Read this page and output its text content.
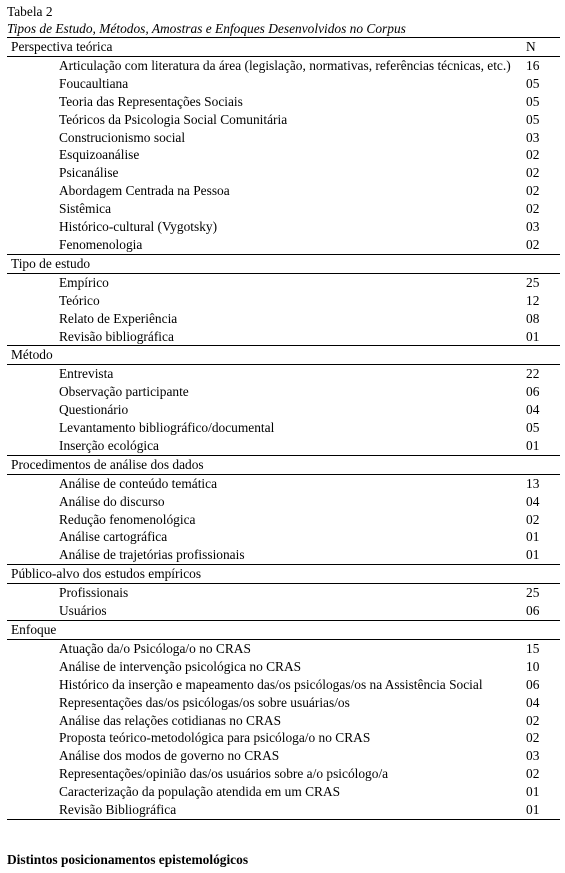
Tabela 2
Tipos de Estudo, Métodos, Amostras e Enfoques Desenvolvidos no Corpus
Perspectiva teórica	N
Articulação com literatura da área (legislação, normativas, referências técnicas, etc.)	16
Foucaultiana	05
Teoria das Representações Sociais	05
Teóricos da Psicologia Social Comunitária	05
Construcionismo social	03
Esquizoanálise	02
Psicanálise	02
Abordagem Centrada na Pessoa	02
Sistêmica	02
Histórico-cultural (Vygotsky)	03
Fenomenologia	02
Tipo de estudo	
Empírico	25
Teórico	12
Relato de Experiência	08
Revisão bibliográfica	01
Método	
Entrevista	22
Observação participante	06
Questionário	04
Levantamento bibliográfico/documental	05
Inserção ecológica	01
Procedimentos de análise dos dados	
Análise de conteúdo temática	13
Análise do discurso	04
Redução fenomenológica	02
Análise cartográfica	01
Análise de trajetórias profissionais	01
Público-alvo dos estudos empíricos	
Profissionais	25
Usuários	06
Enfoque	
Atuação da/o Psicóloga/o no CRAS	15
Análise de intervenção psicológica no CRAS	10
Histórico da inserção e mapeamento das/os psicólogas/os na Assistência Social	06
Representações das/os psicólogas/os sobre usuárias/os	04
Análise das relações cotidianas no CRAS	02
Proposta teórico-metodológica para psicóloga/o no CRAS	02
Análise dos modos de governo no CRAS	03
Representações/opinião das/os usuários sobre a/o psicólogo/a	02
Caracterização da população atendida em um CRAS	01
Revisão Bibliográfica	01
Distintos posicionamentos epistemológicos
